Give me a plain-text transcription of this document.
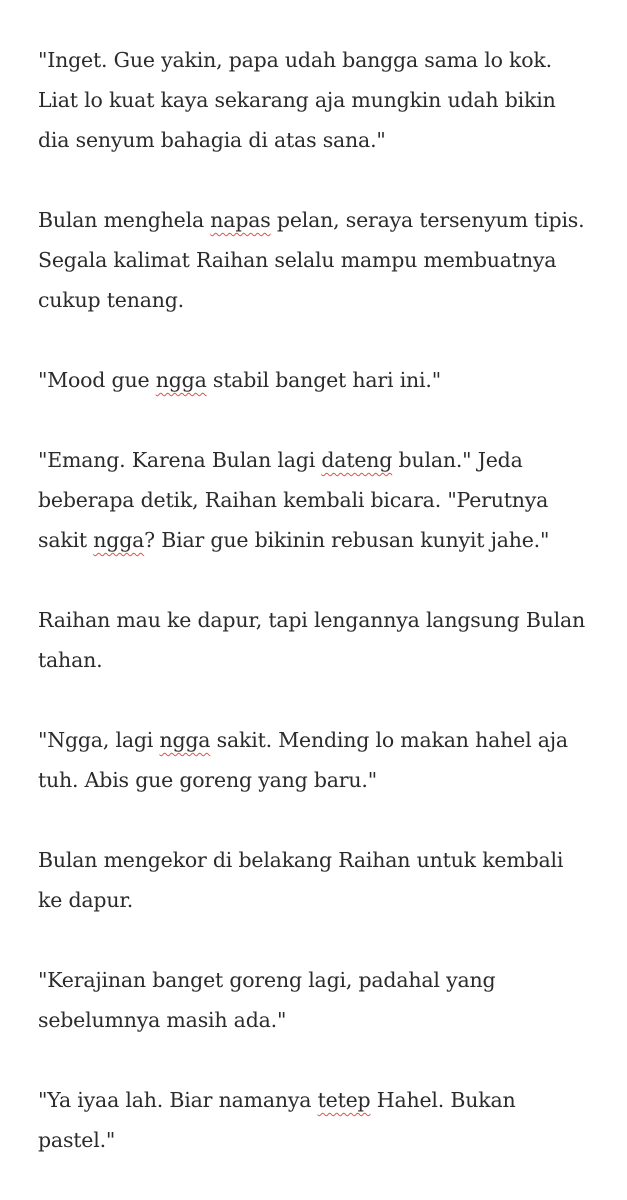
"Inget. Gue yakin, papa udah bangga sama lo kok.
Liat lo kuat kaya sekarang aja mungkin udah bikin
dia senyum bahagia di atas sana."

Bulan menghela napas pelan, seraya tersenyum tipis.
Segala kalimat Raihan selalu mampu membuatnya
cukup tenang.

"Mood gue ngga stabil banget hari ini."

"Emang. Karena Bulan lagi dateng bulan." Jeda
beberapa detik, Raihan kembali bicara. "Perutnya
sakit ngga? Biar gue bikinin rebusan kunyit jahe."

Raihan mau ke dapur, tapi lengannya langsung Bulan
tahan.

"Ngga, lagi ngga sakit. Mending lo makan hahel aja
tuh. Abis gue goreng yang baru."

Bulan mengekor di belakang Raihan untuk kembali
ke dapur.

"Kerajinan banget goreng lagi, padahal yang
sebelumnya masih ada."

"Ya iyaa lah. Biar namanya tetep Hahel. Bukan
pastel."
